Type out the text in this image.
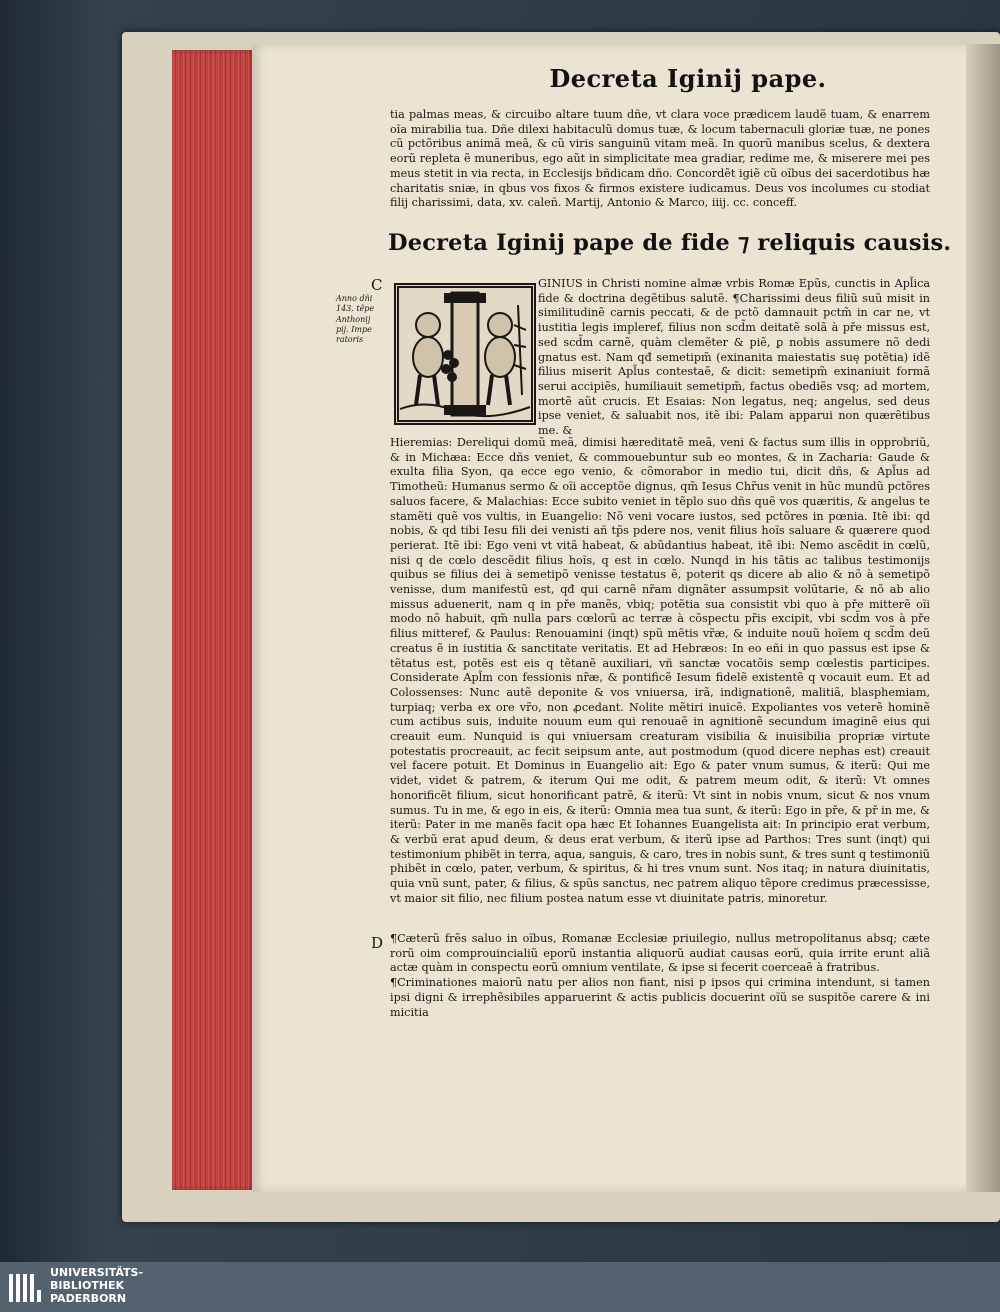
Decreta Iginij pape.
tia palmas meas, & circuibo altare tuum dñe, vt clara voce prædicem laudẽ tuam, & enarrem oĩa mirabilia tua. Dñe dilexi habitaculũ domus tuæ, & locum tabernaculi gloriæ tuæ, ne pones cũ pctõribus animã meã, & cũ viris sanguinũ vitam meã. In quorũ manibus scelus, & dextera eorũ repleta ẽ muneribus, ego aũt in simplicitate mea gradiar, redime me, & miserere mei pes meus stetit in via recta, in Ecclesijs bñdicam dño. Concordẽt igiẽ cũ oĩbus dei sacerdotibus hæ charitatis sniæ, in qbus vos fixos & firmos existere iudicamus. Deus vos incolumes cu stodiat filij charissimi, data, xv. caleñ. Martij, Antonio & Marco, iiij. cc. conceff.
Decreta Iginij pape de fide ⁊ reliquis causis.
C
Anno dñi 143. tẽpe Anthonij pij. Impe ratoris
GINIUS in Christi nomine almæ vrbis Romæ Epũs, cunctis in Apl̃ica fide & doctrina degẽtibus salutẽ. ¶Charissimi deus filiũ suũ misit in similitudinẽ carnis peccati, & de pctõ damnauit pctm̃ in car ne, vt iustitia legis impleref, filius non scd̃m deitatẽ solã à pře missus est, sed scd̃m carnẽ, quàm clemẽter & piẽ, ꝑ nobis assumere nõ dedi gnatus est. Nam qđ semetipm̃ (exinanita maiestatis suę potẽtia) idẽ filius miserit Apl̃us contestaẽ, & dicit: semetipm̃ exinaniuit formã serui accipiẽs, humiliauit semetipm̃, factus obediẽs vsq; ad mortem, mortẽ aũt crucis. Et Esaias: Non legatus, neq; angelus, sed deus ipse veniet, & saluabit nos, itẽ ibi: Palam apparui non quærẽtibus me. &
Hieremias: Dereliqui domũ meã, dimisi hæreditatẽ meã, veni & factus sum illis in opprobriũ, & in Michæa: Ecce dñs veniet, & commouebuntur sub eo montes, & in Zacharia: Gaude & exulta filia Syon, qa ecce ego venio, & cõmorabor in medio tui, dicit dñs, & Apl̃us ad Timotheũ: Humanus sermo & oĩi acceptõe dignus, qm̃ Iesus Chr̃us venit in hũc mundũ pctõres saluos facere, & Malachias: Ecce subito veniet in tẽplo suo dñs quẽ vos quæritis, & angelus te stamẽti quẽ vos vultis, in Euangelio: Nõ veni vocare iustos, sed pctõres in pœnia. Itẽ ibi: qd nobis, & qd tibi Iesu fili dei venisti añ tp̃s pdere nos, venit filius hoĩs saluare & quærere quod perierat. Itẽ ibi: Ego veni vt vitã habeat, & abũdantius habeat, itẽ ibi: Nemo ascẽdit in cœlũ, nisi q de cœlo descẽdit filius hoĩs, q est in cœlo. Nunqd in his tãtis ac talibus testimonijs quibus se filius dei à semetipõ venisse testatus ẽ, poterit qs dicere ab alio & nõ à semetipõ venisse, dum manifestũ est, qđ qui carnẽ nr̃am dignãter assumpsit volũtarie, & nõ ab alio missus aduenerit, nam q in pře manẽs, vbiq; potẽtia sua consistit vbi quo à pře mitterẽ oĩi modo nõ habuit, qm̃ nulla pars cœlorũ ac terræ à cõspectu pr̃is excipit, vbi scd̃m vos à pře filius mitteref, & Paulus: Renouamini (inqt) spũ mẽtis vr̃æ, & induite nouũ hoĩem q scd̃m deũ creatus ẽ in iustitia & sanctitate veritatis. Et ad Hebræos: In eo eñi in quo passus est ipse & tẽtatus est, potẽs est eis q tẽtanẽ auxiliari, vñ sanctæ vocatõis semp cœlestis participes. Considerate Apl̃m con fessionis nr̃æ, & pontificẽ Iesum fidelẽ existentẽ q vocauit eum. Et ad Colossenses: Nunc autẽ deponite & vos vniuersa, irã, indignationẽ, malitiã, blasphemiam, turpiaq; verba ex ore vr̃o, non ꝓcedant. Nolite mẽtiri inuicẽ. Expoliantes vos veterẽ hominẽ cum actibus suis, induite nouum eum qui renouaẽ in agnitionẽ secundum imaginẽ eius qui creauit eum. Nunquid is qui vniuersam creaturam visibilia & inuisibilia propriæ virtute potestatis procreauit, ac fecit seipsum ante, aut postmodum (quod dicere nephas est) creauit vel facere potuit. Et Dominus in Euangelio ait: Ego & pater vnum sumus, & iterũ: Qui me videt, videt & patrem, & iterum Qui me odit, & patrem meum odit, & iterũ: Vt omnes honorificẽt filium, sicut honorificant patrẽ, & iterũ: Vt sint in nobis vnum, sicut & nos vnum sumus. Tu in me, & ego in eis, & iterũ: Omnia mea tua sunt, & iterũ: Ego in pře, & př in me, & iterũ: Pater in me manẽs facit opa hæc Et Iohannes Euangelista ait: In principio erat verbum, & verbũ erat apud deum, & deus erat verbum, & iterũ ipse ad Parthos: Tres sunt (inqt) qui testimonium phibẽt in terra, aqua, sanguis, & caro, tres in nobis sunt, & tres sunt q testimoniũ phibẽt in cœlo, pater, verbum, & spiritus, & hi tres vnum sunt. Nos itaq; in natura diuinitatis, quia vnũ sunt, pater, & filius, & spũs sanctus, nec patrem aliquo tẽpore credimus præcessisse, vt maior sit filio, nec filium postea natum esse vt diuinitate patris, minoretur.
D ¶Cæterũ frẽs saluo in oĩbus, Romanæ Ecclesiæ priuilegio, nullus metropolitanus absq; cæte rorũ oim comprouincialiũ eporũ instantia aliquorũ audiat causas eorũ, quia irrite erunt aliã actæ quàm in conspectu eorũ omnium ventilate, & ipse si fecerit coerceaẽ à fratribus.
¶Criminationes maiorũ natu per alios non fiant, nisi p ipsos qui crimina intendunt, si tamen ipsi digni & irrephẽsibiles apparuerint & actis publicis docuerint oĩũ se suspitõe carere & ini micitia
UNIVERSITÄTS-
BIBLIOTHEK
PADERBORN
